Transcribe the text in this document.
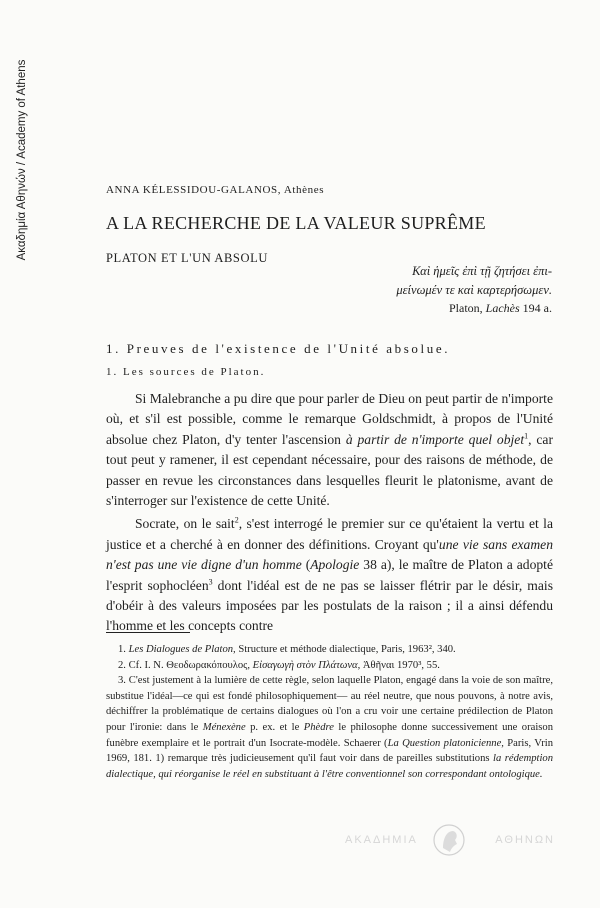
Ακαδημία Αθηνών / Academy of Athens	ANNA KÉLESSIDOU-GALANOS, Athènes
A LA RECHERCHE DE LA VALEUR SUPRÊME
PLATON ET L'UN ABSOLU
Καὶ ἡμεῖς ἐπὶ τῇ ζητήσει ἐπι-
μείνωμέν τε καὶ καρτερήσωμεν.
Platon, Lachès 194 a.
1. Preuves de l'existence de l'Unité absolue.
1. Les sources de Platon.

Si Malebranche a pu dire que pour parler de Dieu on peut partir de n'importe où, et s'il est possible, comme le remarque Goldschmidt, à propos de l'Unité absolue chez Platon, d'y tenter l'ascension à partir de n'importe quel objet$^1$, car tout peut y ramener, il est cependant nécessaire, pour des raisons de méthode, de passer en revue les circonstances dans lesquelles fleurit le platonisme, avant de s'interroger sur l'existence de cette Unité.

Socrate, on le sait$^2$, s'est interrogé le premier sur ce qu'étaient la vertu et la justice et a cherché à en donner des définitions. Croyant qu'une vie sans examen n'est pas une vie digne d'un homme (Apologie 38 a), le maître de Platon a adopté l'esprit sophocléen$^3$ dont l'idéal est de ne pas se laisser flétrir par le désir, mais d'obéir à des valeurs imposées par les postulats de la raison ; il a ainsi défendu l'homme et les concepts contre

1. Les Dialogues de Platon, Structure et méthode dialectique, Paris, 1963², 340.

2. Cf. I. N. Θεοδωρακόπουλος, Εἰσαγωγὴ στὸν Πλάτωνα, Ἀθῆναι 1970³, 55.

3. C'est justement à la lumière de cette règle, selon laquelle Platon, engagé dans la voie de son maître, substitue l'idéal—ce qui est fondé philosophiquement— au réel neutre, que nous pouvons, à notre avis, déchiffrer la problématique de certains dialogues où l'on a cru voir une certaine prédilection de Platon pour l'ironie: dans le Ménexène p. ex. et le Phèdre le philosophe donne successivement une oraison funèbre exemplaire et le portrait d'un Isocrate-modèle. Schaerer (La Question platonicienne, Paris, Vrin 1969, 181. 1) remarque très judicieusement qu'il faut voir dans de pareilles substitutions la rédemption dialectique, qui réorganise le réel en substituant à l'être conventionnel son correspondant ontologique.

ΑΚΑΔΗΜΙΑ	ΑΘΗΝΩΝ
